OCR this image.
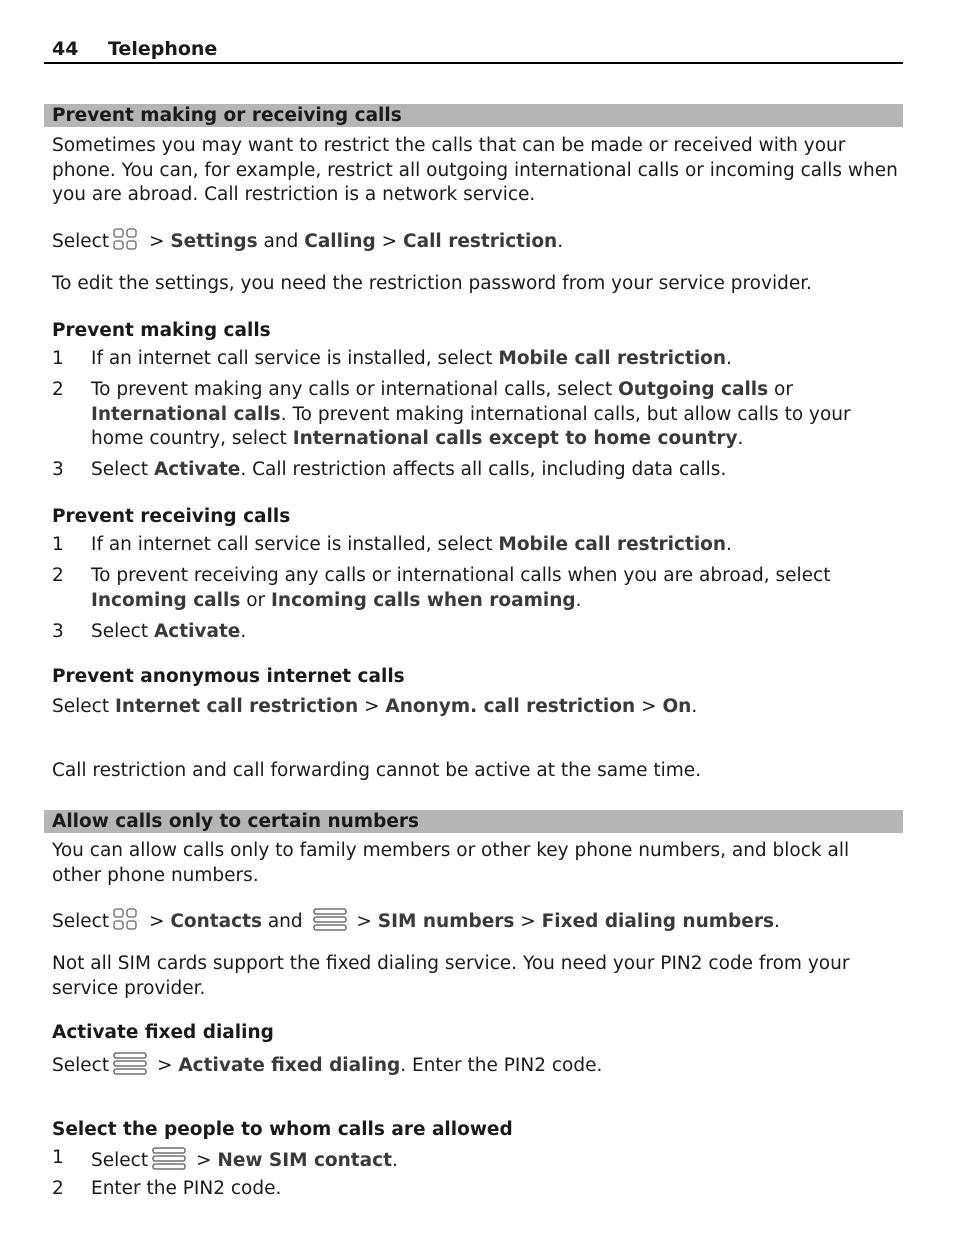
44 Telephone
Prevent making or receiving calls
Sometimes you may want to restrict the calls that can be made or received with your phone. You can, for example, restrict all outgoing international calls or incoming calls when you are abroad. Call restriction is a network service.
Select > Settings and Calling > Call restriction.
To edit the settings, you need the restriction password from your service provider.
Prevent making calls
1 If an internet call service is installed, select Mobile call restriction.
2 To prevent making any calls or international calls, select Outgoing calls or International calls. To prevent making international calls, but allow calls to your home country, select International calls except to home country.
3 Select Activate. Call restriction affects all calls, including data calls.
Prevent receiving calls
1 If an internet call service is installed, select Mobile call restriction.
2 To prevent receiving any calls or international calls when you are abroad, select Incoming calls or Incoming calls when roaming.
3 Select Activate.
Prevent anonymous internet calls
Select Internet call restriction > Anonym. call restriction > On.
Call restriction and call forwarding cannot be active at the same time.
Allow calls only to certain numbers
You can allow calls only to family members or other key phone numbers, and block all other phone numbers.
Select > Contacts and  > SIM numbers > Fixed dialing numbers.
Not all SIM cards support the fixed dialing service. You need your PIN2 code from your service provider.
Activate fixed dialing
Select > Activate fixed dialing. Enter the PIN2 code.
Select the people to whom calls are allowed
1 Select > New SIM contact.
2 Enter the PIN2 code.
